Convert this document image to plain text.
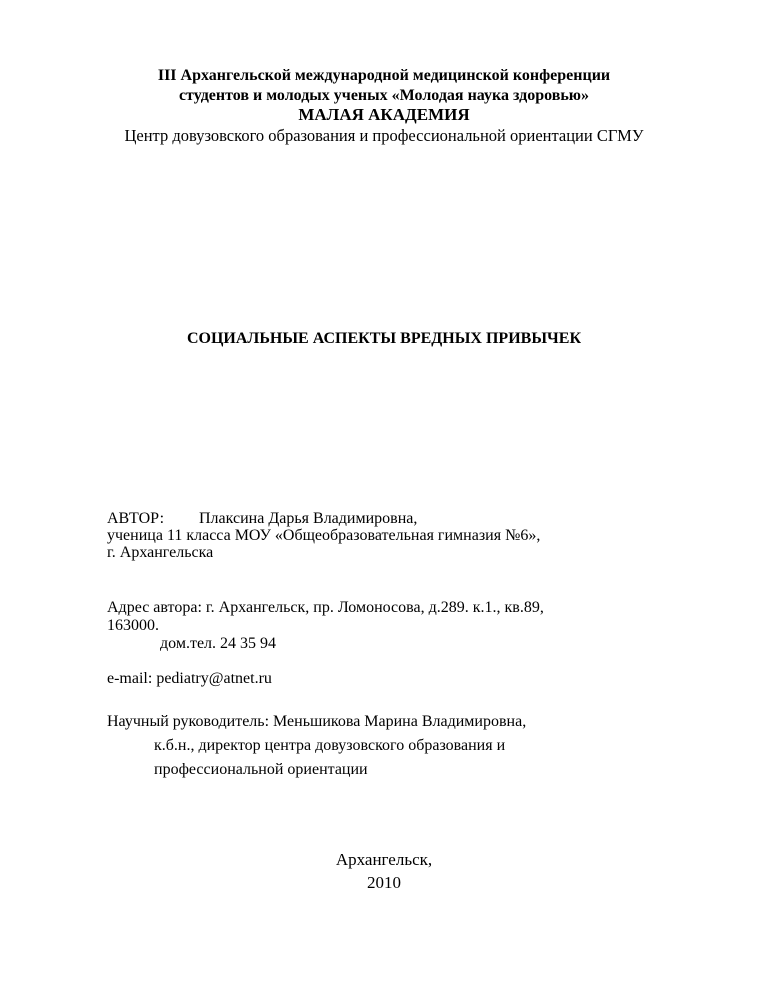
III Архангельской международной медицинской конференции
студентов и молодых ученых «Молодая наука здоровью»
МАЛАЯ АКАДЕМИЯ
Центр довузовского образования и профессиональной ориентации СГМУ
СОЦИАЛЬНЫЕ АСПЕКТЫ ВРЕДНЫХ ПРИВЫЧЕК
АВТОР: Плаксина Дарья Владимировна,
ученица 11 класса МОУ «Общеобразовательная гимназия №6»,
г. Архангельска
Адрес автора: г. Архангельск, пр. Ломоносова, д.289. к.1., кв.89,
163000.
дом.тел. 24 35 94
e-mail: pediatry@atnet.ru
Научный руководитель: Меньшикова Марина Владимировна,
к.б.н., директор центра довузовского образования и
профессиональной ориентации
Архангельск,
2010
